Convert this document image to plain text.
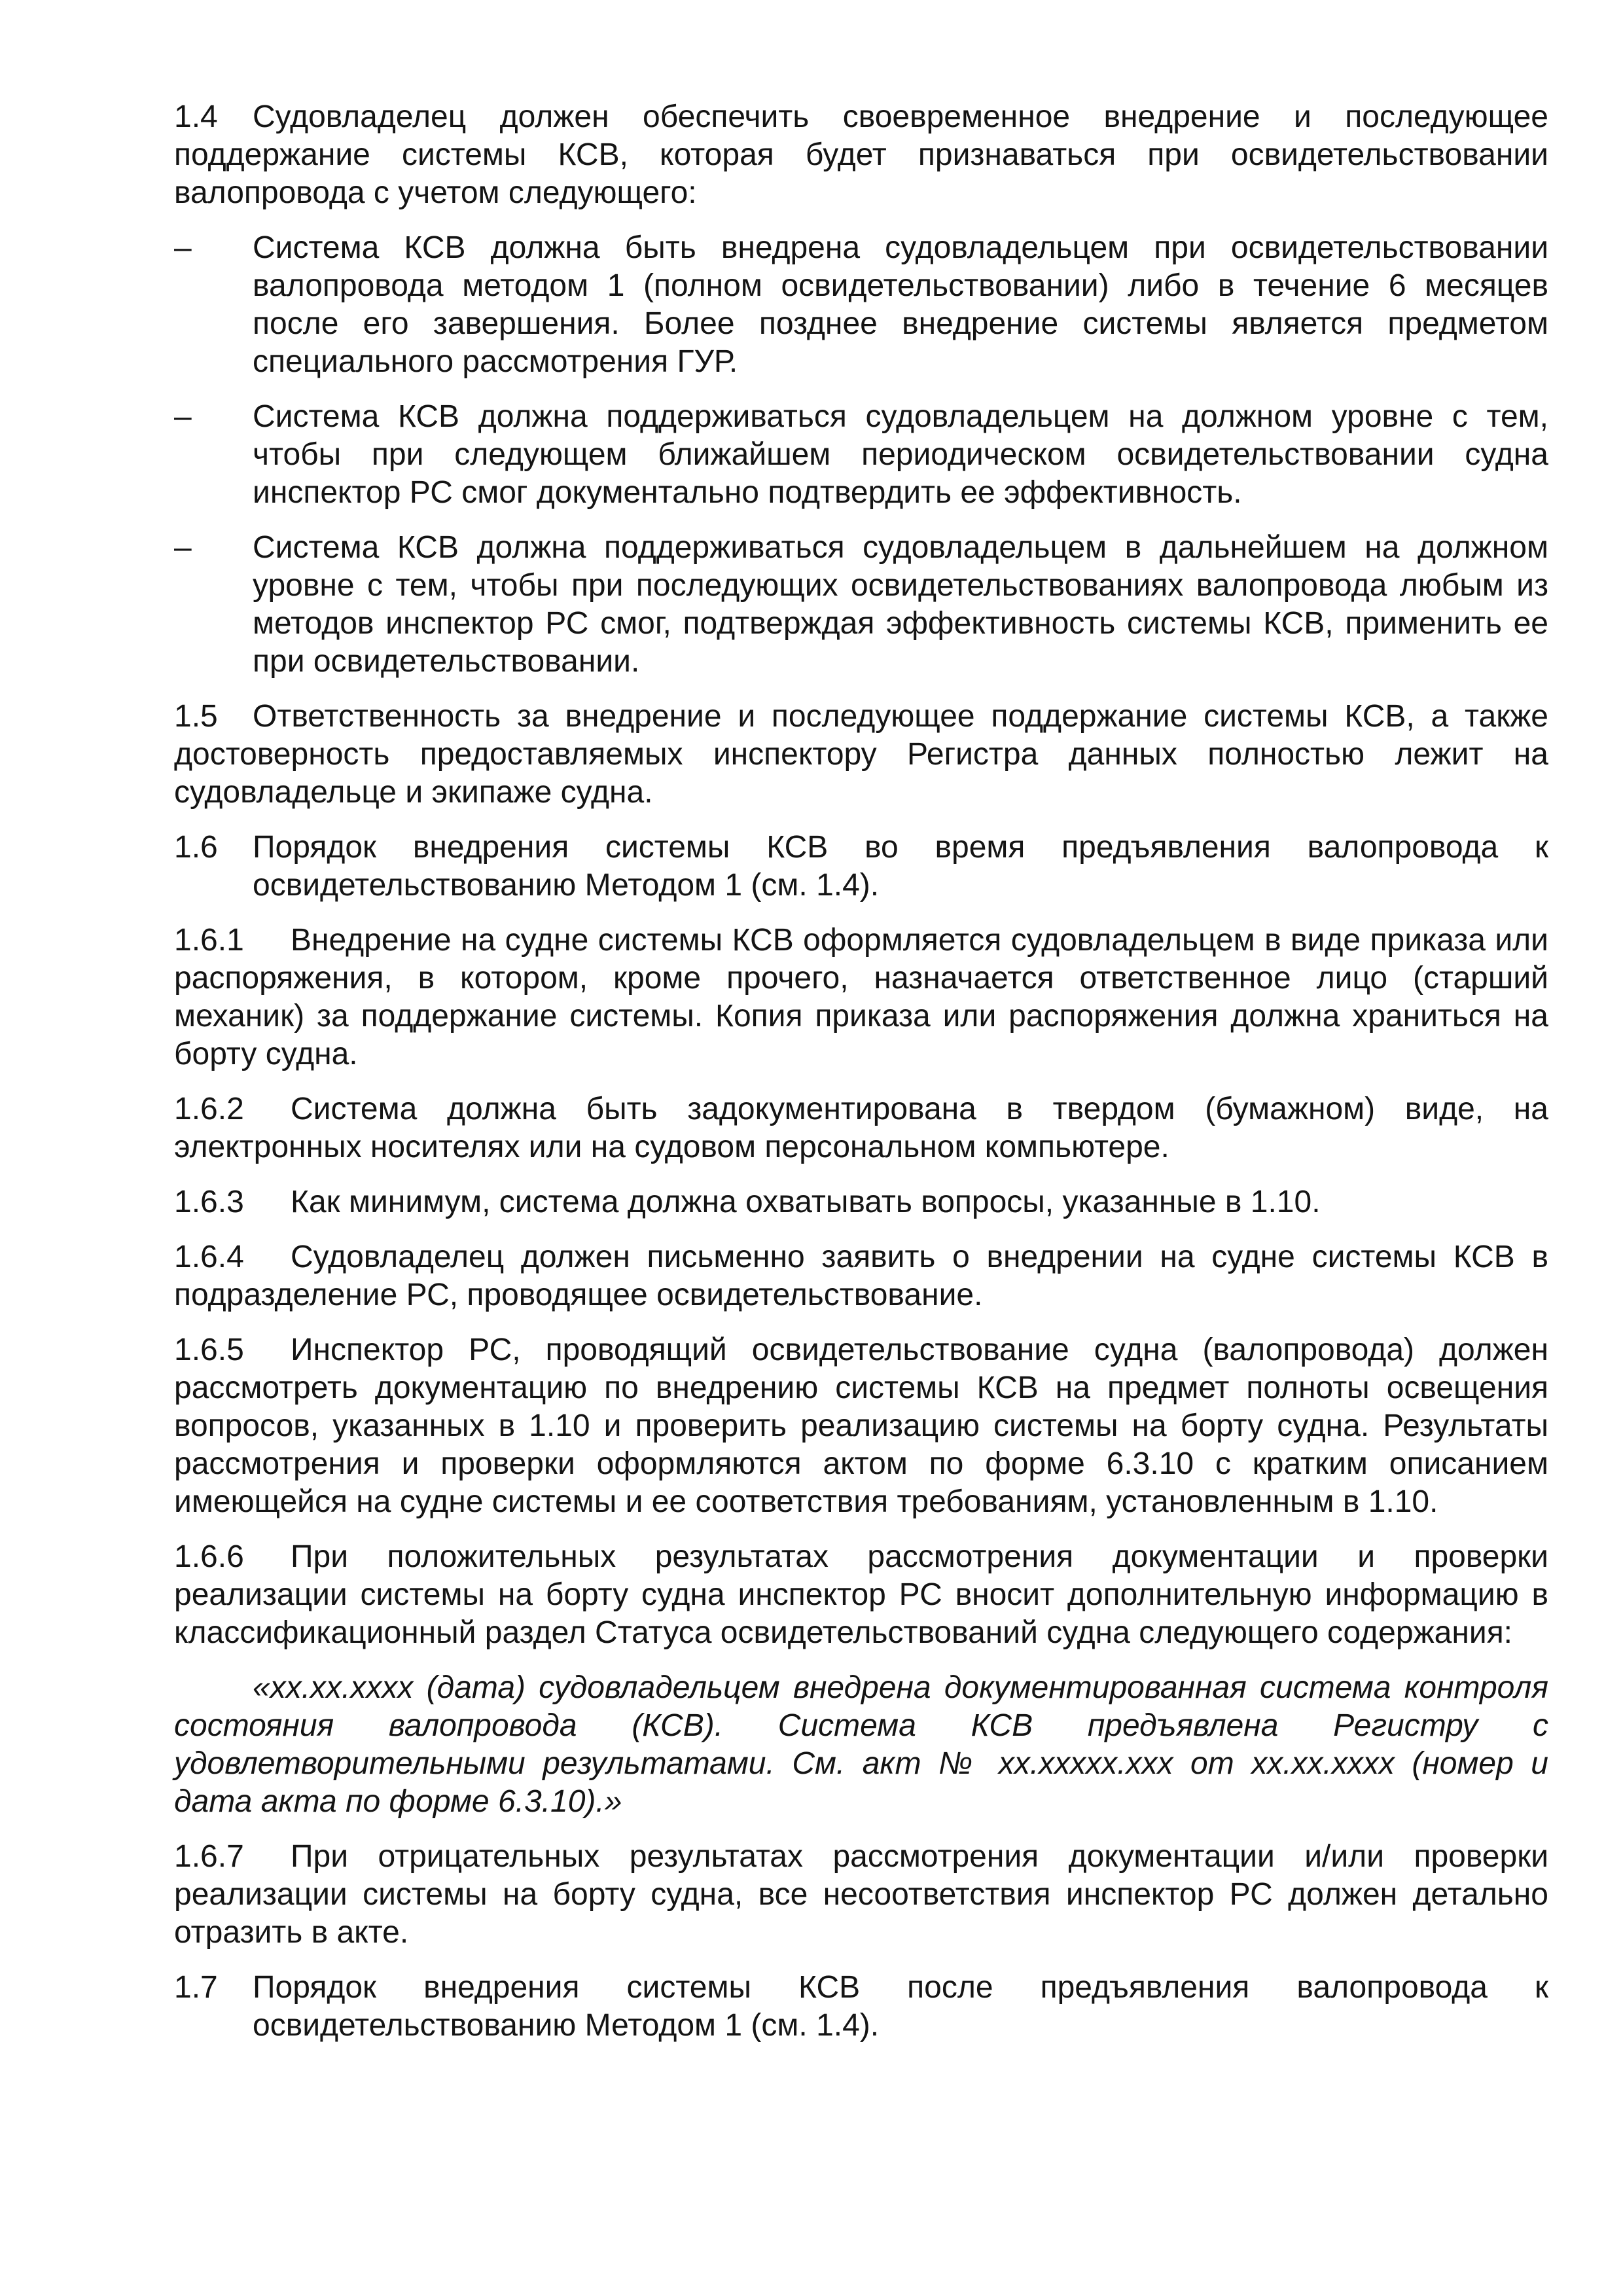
1.4 Судовладелец должен обеспечить своевременное внедрение и последующее поддержание системы КСВ, которая будет признаваться при освидетельствовании валопровода с учетом следующего:

– Система КСВ должна быть внедрена судовладельцем при освидетельствовании валопровода методом 1 (полном освидетельствовании) либо в течение 6 месяцев после его завершения. Более позднее внедрение системы является предметом специального рассмотрения ГУР.

– Система КСВ должна поддерживаться судовладельцем на должном уровне с тем, чтобы при следующем ближайшем периодическом освидетельствовании судна инспектор РС смог документально подтвердить ее эффективность.

– Система КСВ должна поддерживаться судовладельцем в дальнейшем на должном уровне с тем, чтобы при последующих освидетельствованиях валопровода любым из методов инспектор РС смог, подтверждая эффективность системы КСВ, применить ее при освидетельствовании.

1.5 Ответственность за внедрение и последующее поддержание системы КСВ, а также достоверность предоставляемых инспектору Регистра данных полностью лежит на судовладельце и экипаже судна.

1.6 Порядок внедрения системы КСВ во время предъявления валопровода к освидетельствованию Методом 1 (см. 1.4).

1.6.1 Внедрение на судне системы КСВ оформляется судовладельцем в виде приказа или распоряжения, в котором, кроме прочего, назначается ответственное лицо (старший механик) за поддержание системы. Копия приказа или распоряжения должна храниться на борту судна.

1.6.2 Система должна быть задокументирована в твердом (бумажном) виде, на электронных носителях или на судовом персональном компьютере.

1.6.3 Как минимум, система должна охватывать вопросы, указанные в 1.10.

1.6.4 Судовладелец должен письменно заявить о внедрении на судне системы КСВ в подразделение РС, проводящее освидетельствование.

1.6.5 Инспектор РС, проводящий освидетельствование судна (валопровода) должен рассмотреть документацию по внедрению системы КСВ на предмет полноты освещения вопросов, указанных в 1.10 и проверить реализацию системы на борту судна. Результаты рассмотрения и проверки оформляются актом по форме 6.3.10 с кратким описанием имеющейся на судне системы и ее соответствия требованиям, установленным в 1.10.

1.6.6 При положительных результатах рассмотрения документации и проверки реализации системы на борту судна инспектор РС вносит дополнительную информацию в классификационный раздел Статуса освидетельствований судна следующего содержания:

«хх.хх.хххх (дата) судовладельцем внедрена документированная система контроля состояния валопровода (КСВ). Система КСВ предъявлена Регистру с удовлетворительными результатами. См. акт № хх.ххххх.ххх от хх.хх.хххх (номер и дата акта по форме 6.3.10).»

1.6.7 При отрицательных результатах рассмотрения документации и/или проверки реализации системы на борту судна, все несоответствия инспектор РС должен детально отразить в акте.

1.7 Порядок внедрения системы КСВ после предъявления валопровода к освидетельствованию Методом 1 (см. 1.4).
